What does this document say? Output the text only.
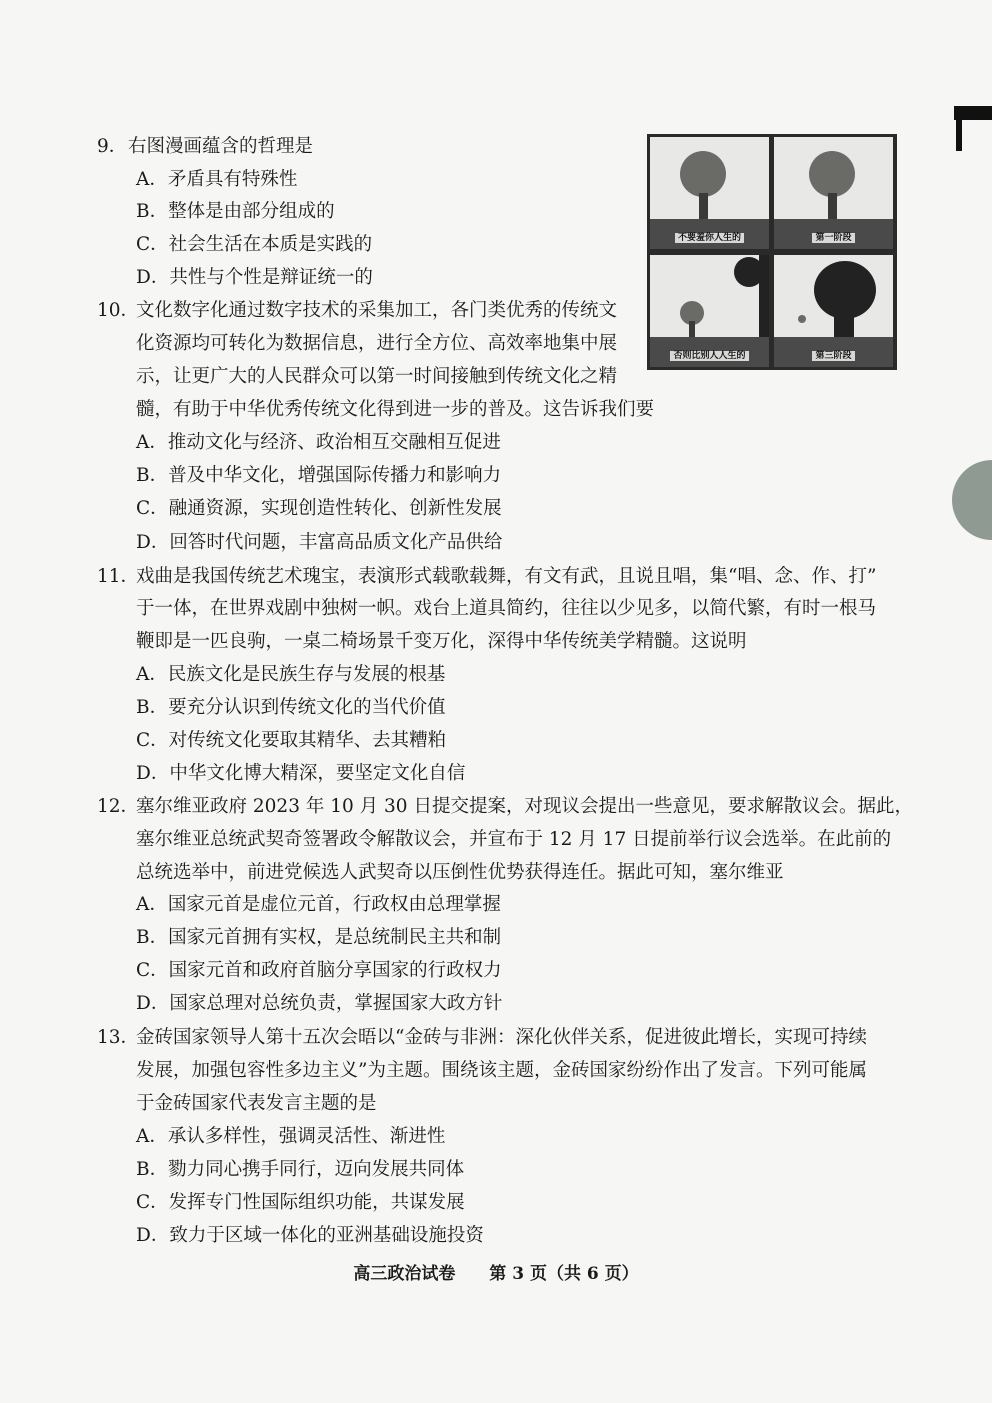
9． 右图漫画蕴含的哲理是
A．矛盾具有特殊性
B．整体是由部分组成的
C．社会生活在本质是实践的
D．共性与个性是辩证统一的
不要羞你人生的	第一阶段
否则比别人人生的	第三阶段
10．
文化数字化通过数字技术的采集加工，各门类优秀的传统文
化资源均可转化为数据信息，进行全方位、高效率地集中展
示，让更广大的人民群众可以第一时间接触到传统文化之精
髓，有助于中华优秀传统文化得到进一步的普及。这告诉我们要
A．推动文化与经济、政治相互交融相互促进
B．普及中华文化，增强国际传播力和影响力
C．融通资源，实现创造性转化、创新性发展
D．回答时代问题，丰富高品质文化产品供给
11．
戏曲是我国传统艺术瑰宝，表演形式载歌载舞，有文有武，且说且唱，集“唱、念、作、打”
于一体，在世界戏剧中独树一帜。戏台上道具简约，往往以少见多，以简代繁，有时一根马
鞭即是一匹良驹，一桌二椅场景千变万化，深得中华传统美学精髓。这说明
A．民族文化是民族生存与发展的根基
B．要充分认识到传统文化的当代价值
C．对传统文化要取其精华、去其糟粕
D．中华文化博大精深，要坚定文化自信
12．
塞尔维亚政府 2023 年 10 月 30 日提交提案，对现议会提出一些意见，要求解散议会。据此，
塞尔维亚总统武契奇签署政令解散议会，并宣布于 12 月 17 日提前举行议会选举。在此前的
总统选举中，前进党候选人武契奇以压倒性优势获得连任。据此可知，塞尔维亚
A．国家元首是虚位元首，行政权由总理掌握
B．国家元首拥有实权，是总统制民主共和制
C．国家元首和政府首脑分享国家的行政权力
D．国家总理对总统负责，掌握国家大政方针
13．
金砖国家领导人第十五次会晤以“金砖与非洲：深化伙伴关系，促进彼此增长，实现可持续
发展，加强包容性多边主义”为主题。围绕该主题，金砖国家纷纷作出了发言。下列可能属
于金砖国家代表发言主题的是
A．承认多样性，强调灵活性、渐进性
B．勠力同心携手同行，迈向发展共同体
C．发挥专门性国际组织功能，共谋发展
D．致力于区域一体化的亚洲基础设施投资
高三政治试卷 第 3 页（共 6 页）
